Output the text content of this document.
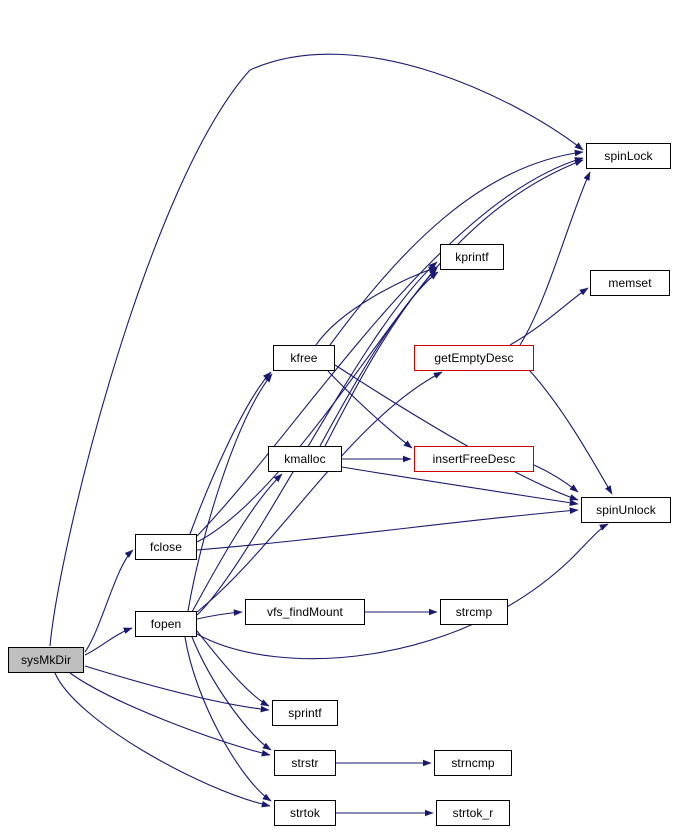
sysMkDir
fclose
fopen
kfree
kmalloc
kprintf
getEmptyDesc
insertFreeDesc
spinLock
memset
spinUnlock
vfs_findMount	strcmp
sprintf
strstr	strncmp
strtok	strtok_r
